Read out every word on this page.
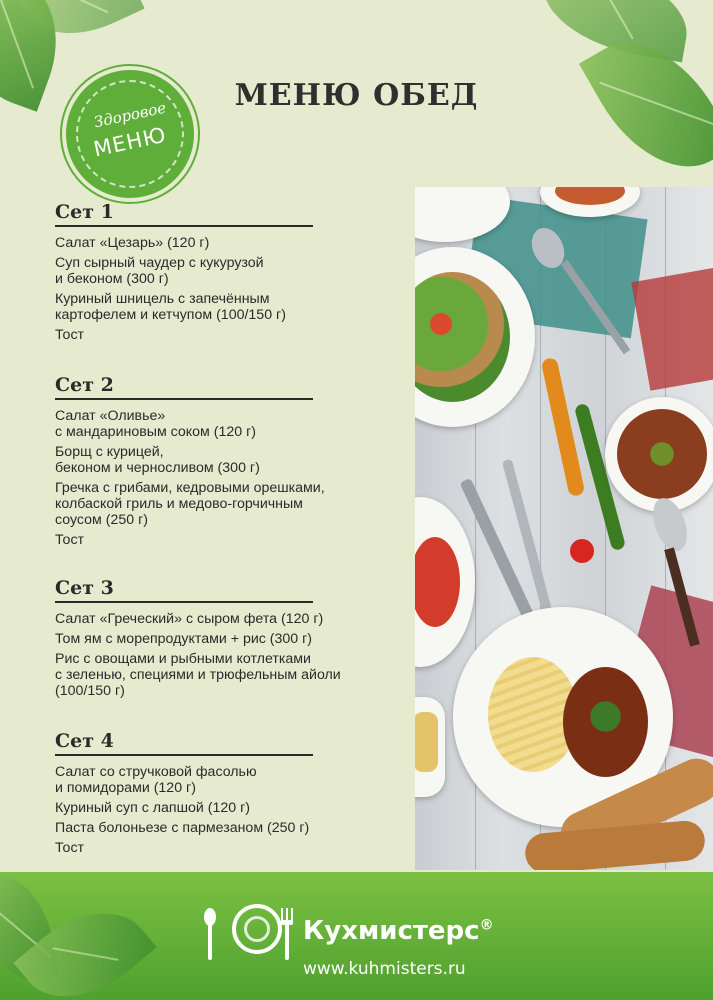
МЕНЮ ОБЕД
Здоровое
МЕНЮ
Сет 1
Салат «Цезарь» (120 г)
Суп сырный чаудер с кукурузой
и беконом (300 г)
Куриный шницель с запечённым
картофелем и кетчупом (100/150 г)
Тост
Сет 2
Салат «Оливье»
с мандариновым соком (120 г)
Борщ с курицей,
беконом и черносливом (300 г)
Гречка с грибами, кедровыми орешками,
колбаской гриль и медово-горчичным
соусом (250 г)
Тост
Сет 3
Салат «Греческий» с сыром фета (120 г)
Том ям с морепродуктами + рис (300 г)
Рис с овощами и рыбными котлетками
с зеленью, специями и трюфельным айоли
(100/150 г)
Сет 4
Салат со стручковой фасолью
и помидорами (120 г)
Куриный суп с лапшой (120 г)
Паста болоньезе с пармезаном (250 г)
Тост
Кухмистерс®
www.kuhmisters.ru
